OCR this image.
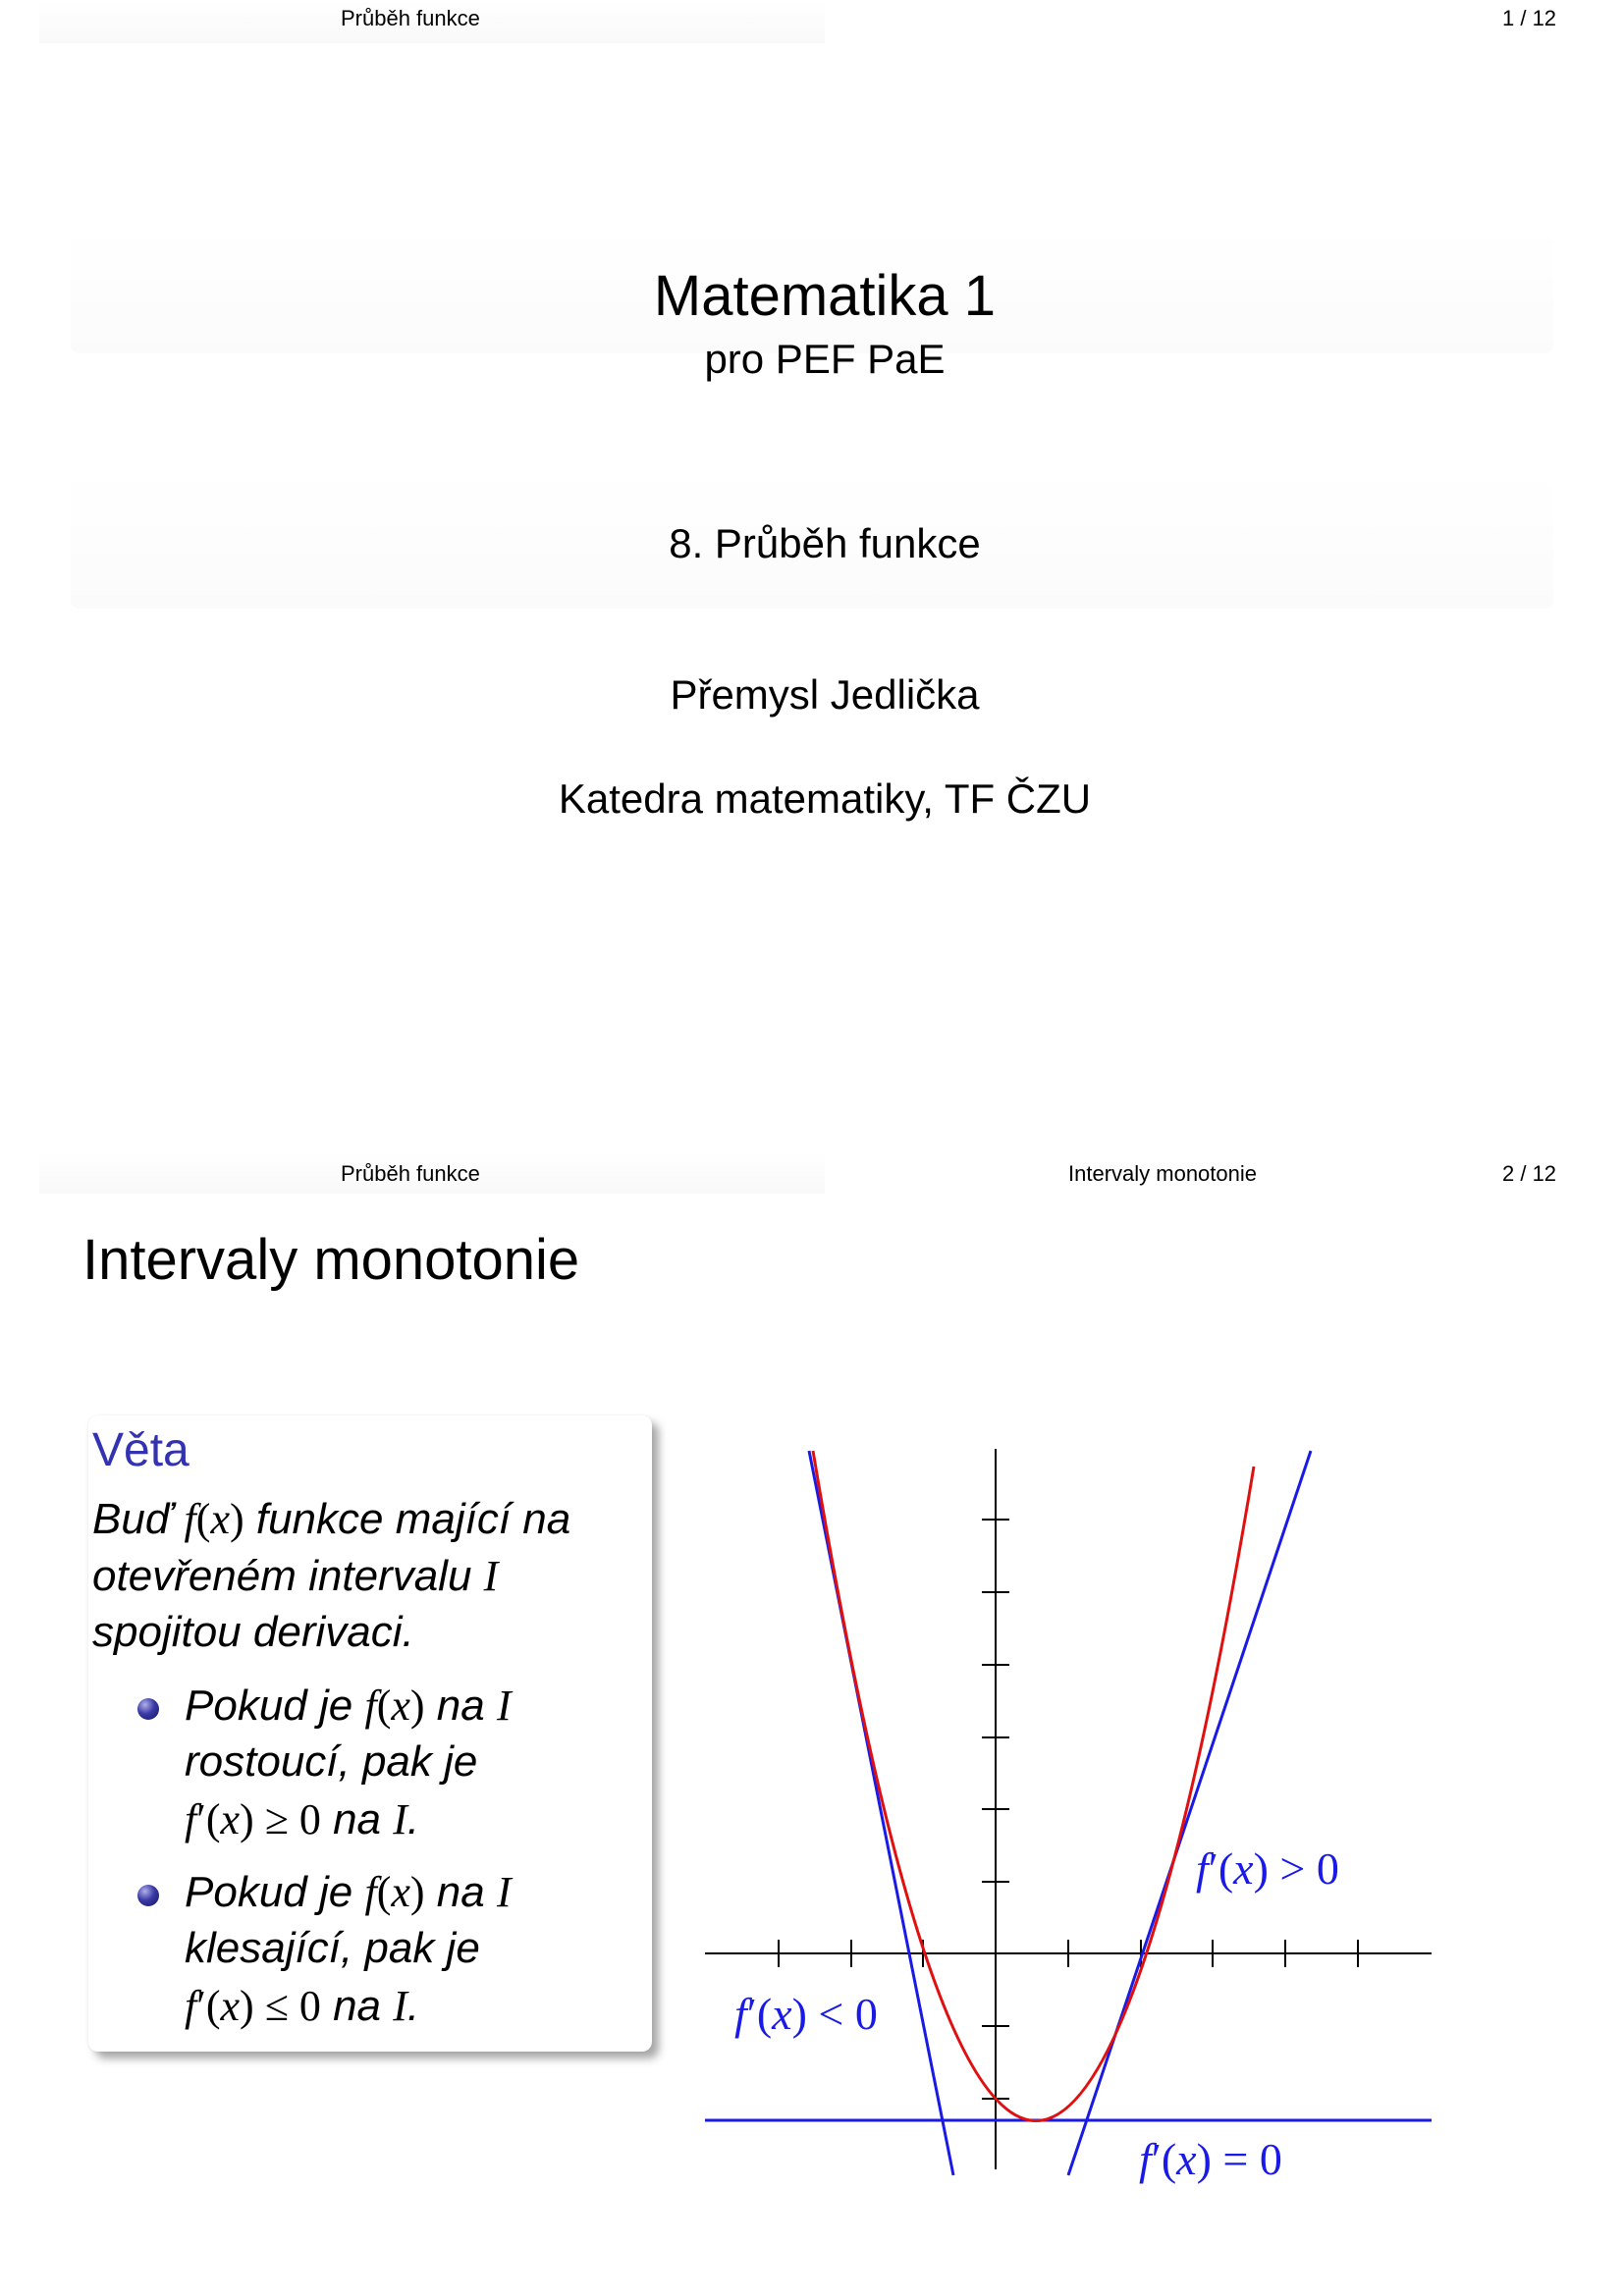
Průběh funkce	1 / 12
Matematika 1
pro PEF PaE
8. Průběh funkce
Přemysl Jedlička
Katedra matematiky, TF ČZU
Průběh funkce	Intervaly monotonie	2 / 12
Intervaly monotonie
Věta
Buď f(x) funkce mající na
otevřeném intervalu I
spojitou derivaci.
Pokud je f(x) na I
rostoucí, pak je
f′(x) ≥ 0 na I.
Pokud je f(x) na I
klesající, pak je
f′(x) ≤ 0 na I.
f′(x) > 0
f′(x) < 0
f′(x) = 0
